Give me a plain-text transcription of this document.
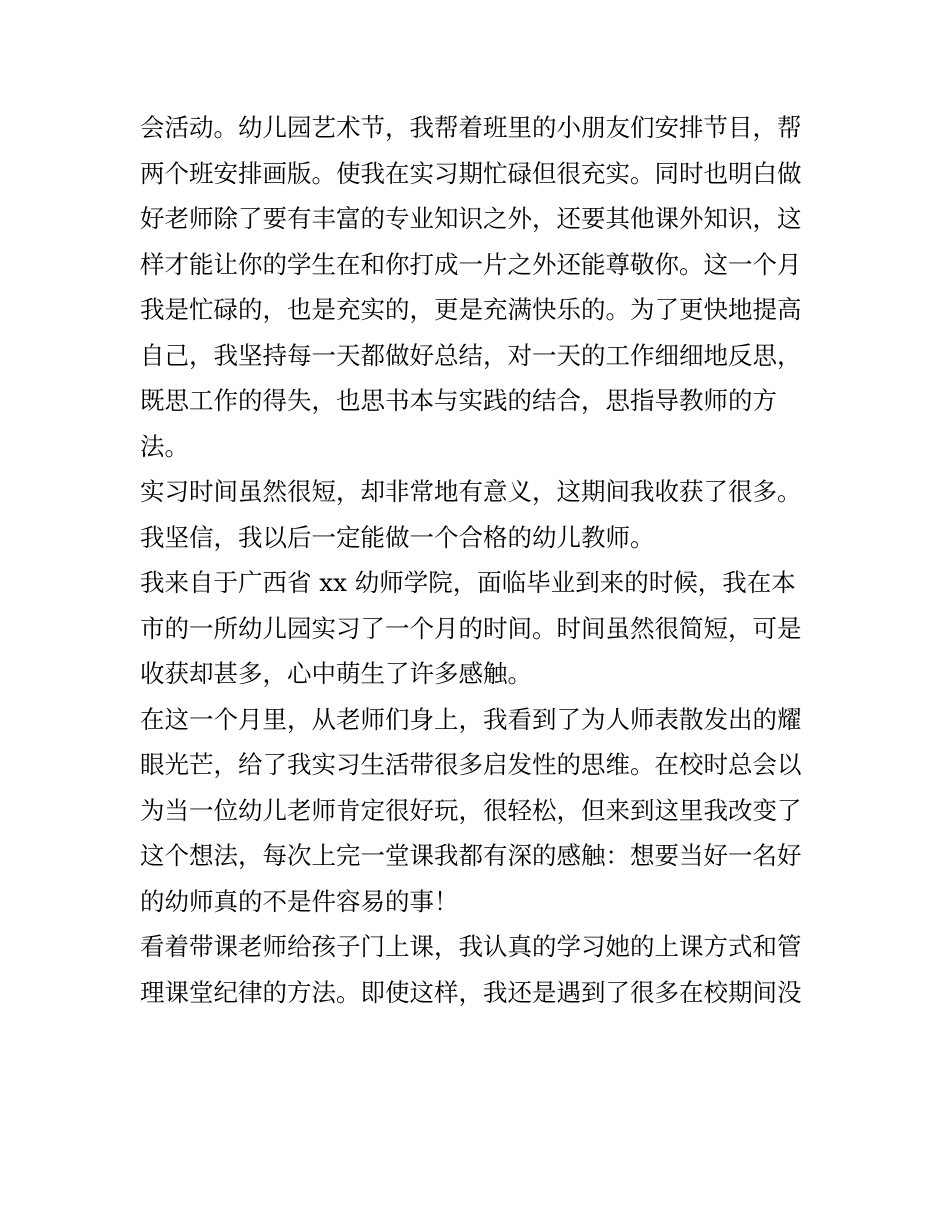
会活动。幼儿园艺术节，我帮着班里的小朋友们安排节目，帮
两个班安排画版。使我在实习期忙碌但很充实。同时也明白做
好老师除了要有丰富的专业知识之外，还要其他课外知识，这
样才能让你的学生在和你打成一片之外还能尊敬你。这一个月
我是忙碌的，也是充实的，更是充满快乐的。为了更快地提高
自己，我坚持每一天都做好总结，对一天的工作细细地反思，
既思工作的得失，也思书本与实践的结合，思指导教师的方
法。
实习时间虽然很短，却非常地有意义，这期间我收获了很多。
我坚信，我以后一定能做一个合格的幼儿教师。
我来自于广西省 xx 幼师学院，面临毕业到来的时候，我在本
市的一所幼儿园实习了一个月的时间。时间虽然很简短，可是
收获却甚多，心中萌生了许多感触。
在这一个月里，从老师们身上，我看到了为人师表散发出的耀
眼光芒，给了我实习生活带很多启发性的思维。在校时总会以
为当一位幼儿老师肯定很好玩，很轻松，但来到这里我改变了
这个想法，每次上完一堂课我都有深的感触：想要当好一名好
的幼师真的不是件容易的事！
看着带课老师给孩子门上课，我认真的学习她的上课方式和管
理课堂纪律的方法。即使这样，我还是遇到了很多在校期间没
